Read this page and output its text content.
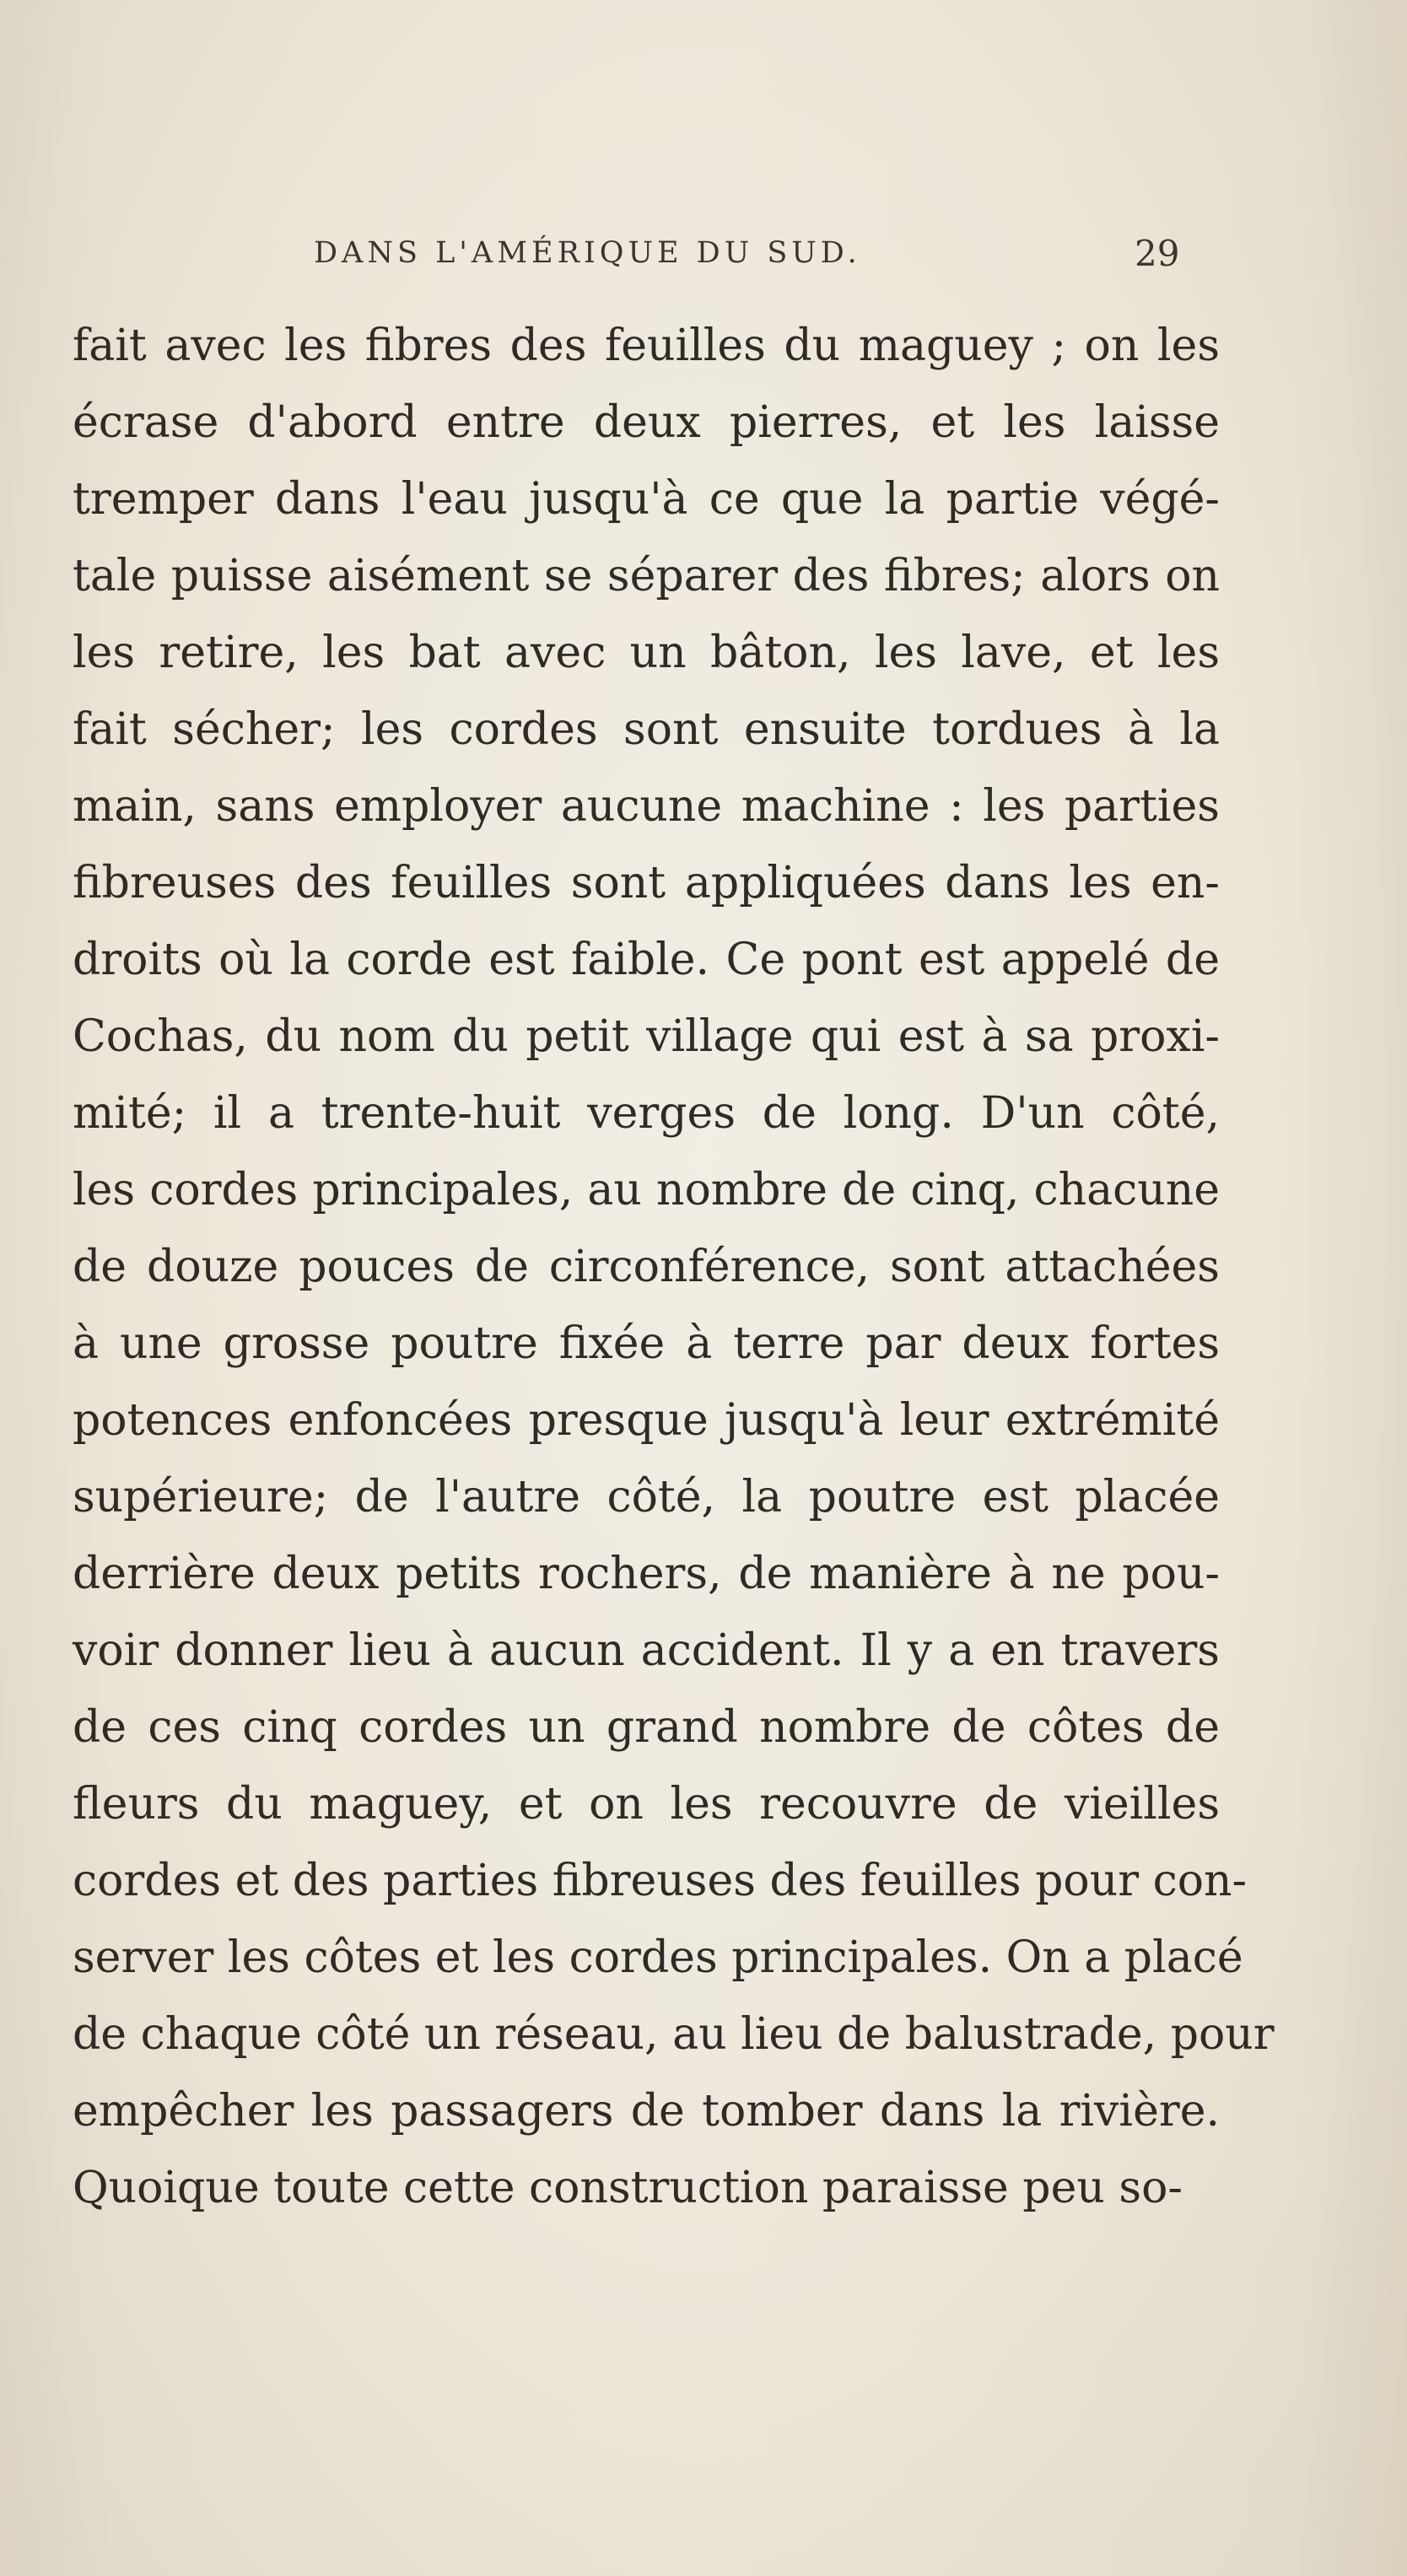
DANS L'AMÉRIQUE DU SUD.	29
fait avec les fibres des feuilles du maguey ; on les
écrase d'abord entre deux pierres, et les laisse
tremper dans l'eau jusqu'à ce que la partie végé-
tale puisse aisément se séparer des fibres; alors on
les retire, les bat avec un bâton, les lave, et les
fait sécher; les cordes sont ensuite tordues à la
main, sans employer aucune machine : les parties
fibreuses des feuilles sont appliquées dans les en-
droits où la corde est faible. Ce pont est appelé de
Cochas, du nom du petit village qui est à sa proxi-
mité; il a trente-huit verges de long. D'un côté,
les cordes principales, au nombre de cinq, chacune
de douze pouces de circonférence, sont attachées
à une grosse poutre fixée à terre par deux fortes
potences enfoncées presque jusqu'à leur extrémité
supérieure; de l'autre côté, la poutre est placée
derrière deux petits rochers, de manière à ne pou-
voir donner lieu à aucun accident. Il y a en travers
de ces cinq cordes un grand nombre de côtes de
fleurs du maguey, et on les recouvre de vieilles
cordes et des parties fibreuses des feuilles pour con-
server les côtes et les cordes principales. On a placé
de chaque côté un réseau, au lieu de balustrade, pour
empêcher les passagers de tomber dans la rivière.
Quoique toute cette construction paraisse peu so-
